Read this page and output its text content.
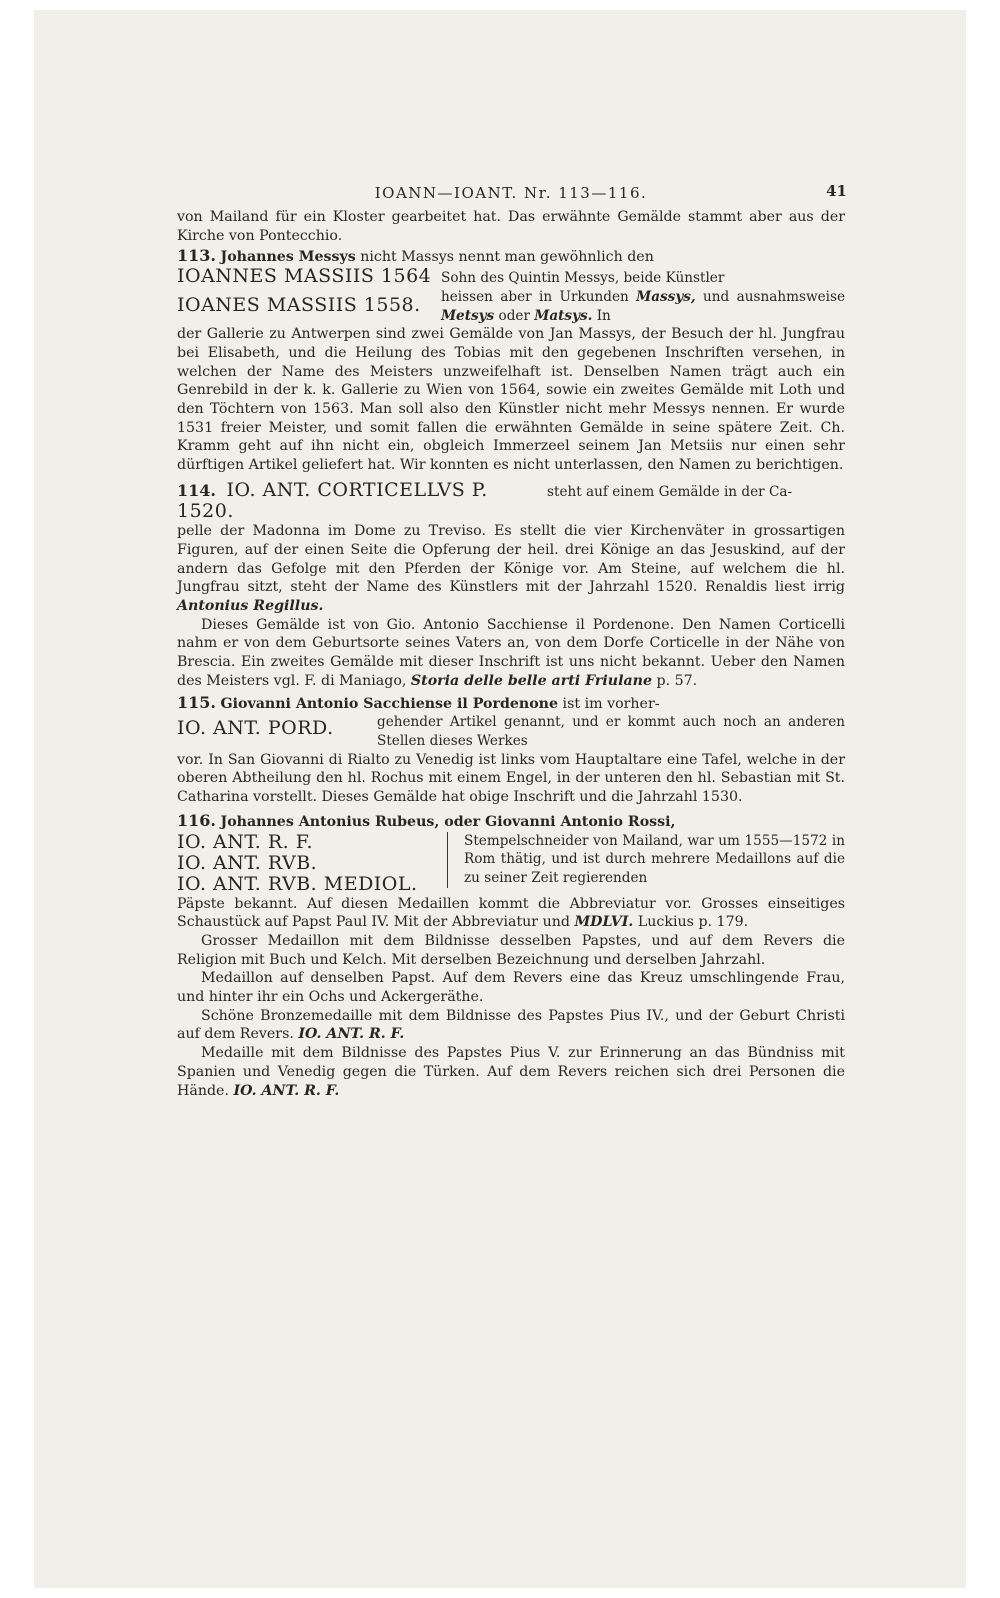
IOANN—IOANT. Nr. 113—116.	41

von Mailand für ein Kloster gearbeitet hat. Das erwähnte Gemälde stammt aber aus der Kirche von Pontecchio.

113. Johannes Messys nicht Massys nennt man gewöhnlich den

IOANNES MASSIIS 1564 Sohn des Quintin Messys, beide Künstler
IOANES MASSIIS 1558.	heissen aber in Urkunden Massys, und ausnahmsweise Metsys oder Matsys. In

der Gallerie zu Antwerpen sind zwei Gemälde von Jan Massys, der Besuch der hl. Jungfrau bei Elisabeth, und die Heilung des Tobias mit den gegebenen Inschriften versehen, in welchen der Name des Meisters unzweifelhaft ist. Denselben Namen trägt auch ein Genrebild in der k. k. Gallerie zu Wien von 1564, sowie ein zweites Gemälde mit Loth und den Töchtern von 1563. Man soll also den Künstler nicht mehr Messys nennen. Er wurde 1531 freier Meister, und somit fallen die erwähnten Gemälde in seine spätere Zeit. Ch. Kramm geht auf ihn nicht ein, obgleich Immerzeel seinem Jan Metsiis nur einen sehr dürftigen Artikel geliefert hat. Wir konnten es nicht unterlassen, den Namen zu berichtigen.

114. IO. ANT. CORTICELLVS P. 1520.
steht auf einem Gemälde in der Ca-

pelle der Madonna im Dome zu Treviso. Es stellt die vier Kirchenväter in grossartigen Figuren, auf der einen Seite die Opferung der heil. drei Könige an das Jesuskind, auf der andern das Gefolge mit den Pferden der Könige vor. Am Steine, auf welchem die hl. Jungfrau sitzt, steht der Name des Künstlers mit der Jahrzahl 1520. Renaldis liest irrig Antonius Regillus.

Dieses Gemälde ist von Gio. Antonio Sacchiense il Pordenone. Den Namen Corticelli nahm er von dem Geburtsorte seines Vaters an, von dem Dorfe Corticelle in der Nähe von Brescia. Ein zweites Gemälde mit dieser Inschrift ist uns nicht bekannt. Ueber den Namen des Meisters vgl. F. di Maniago, Storia delle belle arti Friulane p. 57.

115. Giovanni Antonio Sacchiense il Pordenone ist im vorher-

IO. ANT. PORD.	gehender Artikel genannt, und er kommt auch noch an anderen Stellen dieses Werkes

vor. In San Giovanni di Rialto zu Venedig ist links vom Hauptaltare eine Tafel, welche in der oberen Abtheilung den hl. Rochus mit einem Engel, in der unteren den hl. Sebastian mit St. Catharina vorstellt. Dieses Gemälde hat obige Inschrift und die Jahrzahl 1530.

116. Johannes Antonius Rubeus, oder Giovanni Antonio Rossi,

IO. ANT. R. F.
IO. ANT. RVB.
IO. ANT. RVB. MEDIOL.
Stempelschneider von Mailand, war um 1555—1572 in Rom thätig, und ist durch mehrere Medaillons auf die zu seiner Zeit regierenden

Päpste bekannt. Auf diesen Medaillen kommt die Abbreviatur vor. Grosses einseitiges Schaustück auf Papst Paul IV. Mit der Abbreviatur und MDLVI. Luckius p. 179.

Grosser Medaillon mit dem Bildnisse desselben Papstes, und auf dem Revers die Religion mit Buch und Kelch. Mit derselben Bezeichnung und derselben Jahrzahl.

Medaillon auf denselben Papst. Auf dem Revers eine das Kreuz umschlingende Frau, und hinter ihr ein Ochs und Ackergeräthe.

Schöne Bronzemedaille mit dem Bildnisse des Papstes Pius IV., und der Geburt Christi auf dem Revers. IO. ANT. R. F.

Medaille mit dem Bildnisse des Papstes Pius V. zur Erinnerung an das Bündniss mit Spanien und Venedig gegen die Türken. Auf dem Revers reichen sich drei Personen die Hände. IO. ANT. R. F.
